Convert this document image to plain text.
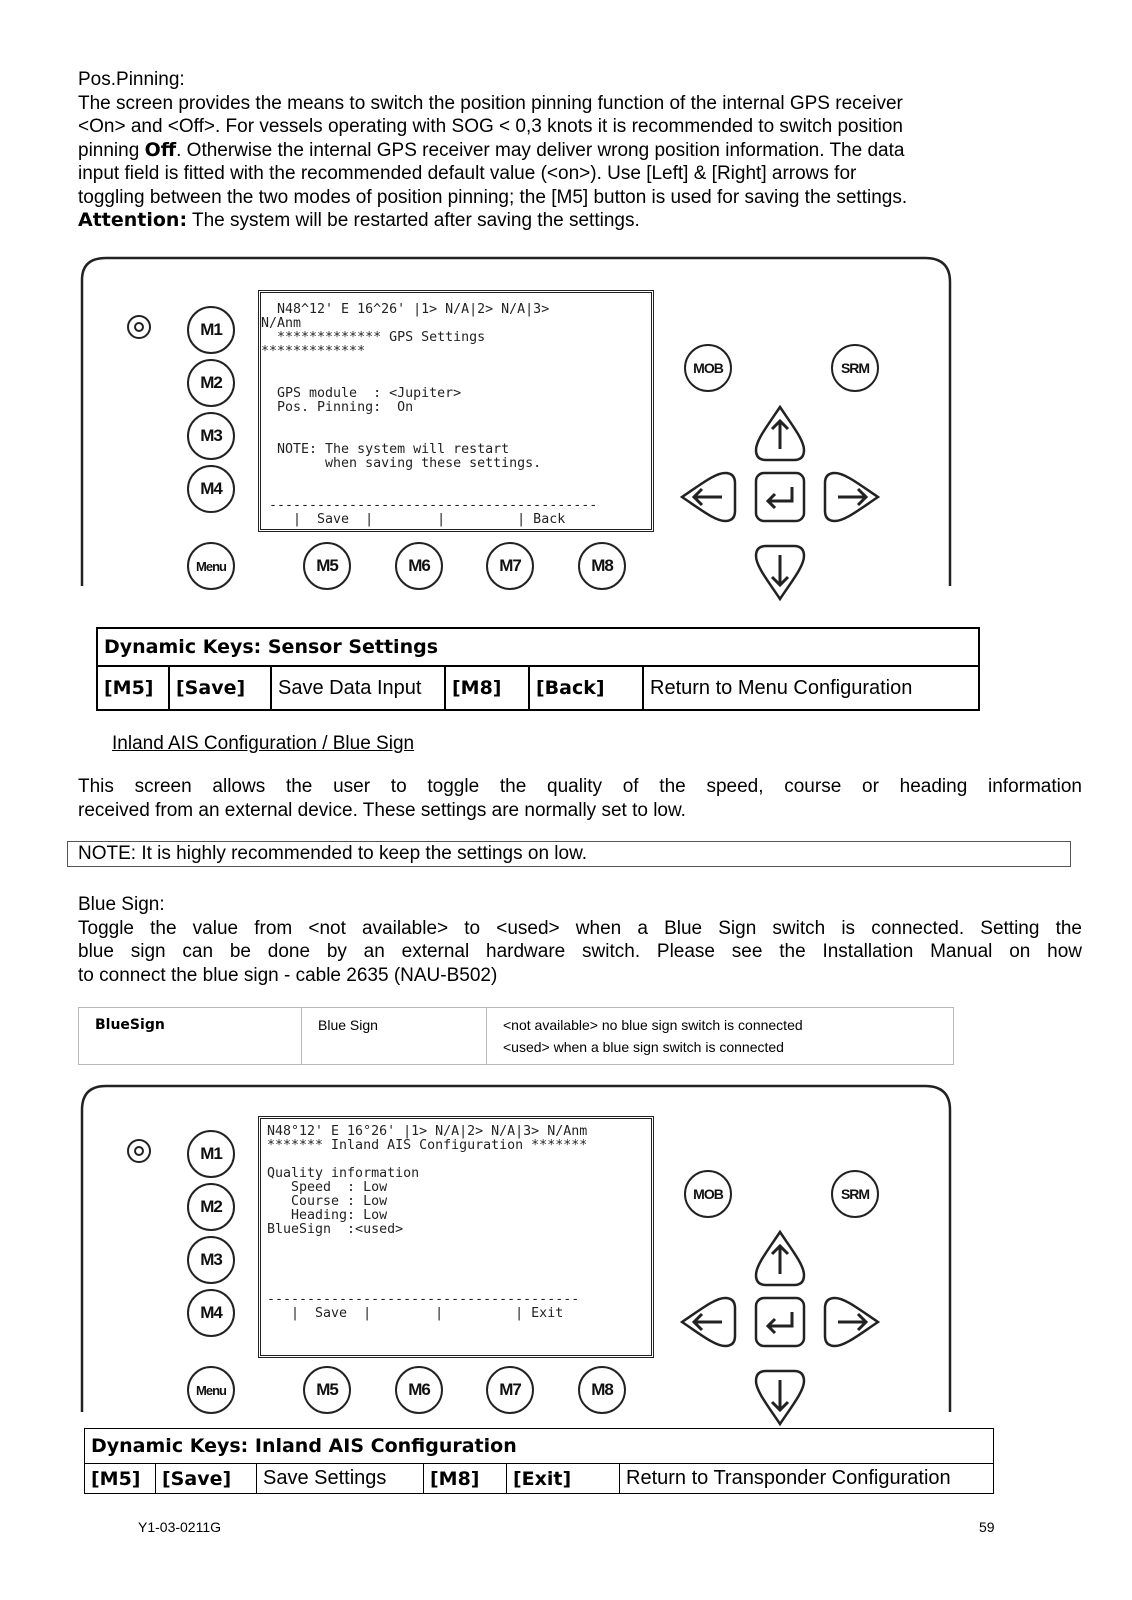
Pos.Pinning:

The screen provides the means to switch the position pinning function of the internal GPS receiver

<On> and <Off>. For vessels operating with SOG < 0,3 knots it is recommended to switch position

pinning Off. Otherwise the internal GPS receiver may deliver wrong position information. The data

input field is fitted with the recommended default value (<on>). Use [Left] & [Right] arrows for

toggling between the two modes of position pinning; the [M5] button is used for saving the settings.

Attention: The system will be restarted after saving the settings.

N48^12' E 16^26' |1> N/A|2> N/A|3>
N/Anm
************* GPS Settings
*************

GPS module  : <Jupiter>
Pos. Pinning:  On

NOTE: The system will restart
when saving these settings.

-----------------------------------------
|  Save  |        |         | Back
M1
M2
M3
M4
Menu	M5	M6	M7	M8
MOB	SRM
Dynamic Keys: Sensor Settings
[M5]	[Save]	Save Data Input	[M8]	[Back]	Return to Menu Configuration
Inland AIS Configuration / Blue Sign

This screen allows the user to toggle the quality of the speed, course or heading information

received from an external device. These settings are normally set to low.

NOTE: It is highly recommended to keep the settings on low.

Blue Sign:

Toggle the value from <not available> to <used> when a Blue Sign switch is connected. Setting the

blue sign can be done by an external hardware switch. Please see the Installation Manual on how

to connect the blue sign - cable 2635 (NAU-B502)

BlueSign	Blue Sign	<not available> no blue sign switch is connected
<used> when a blue sign switch is connected
N48°12' E 16°26' |1> N/A|2> N/A|3> N/Anm
******* Inland AIS Configuration *******

Quality information
Speed  : Low
Course : Low
Heading: Low
BlueSign  :<used>

---------------------------------------
|  Save  |        |         | Exit
M1
M2
M3
M4
Menu	M5	M6	M7	M8
MOB	SRM
Dynamic Keys: Inland AIS Configuration
[M5]	[Save]	Save Settings	[M8]	[Exit]	Return to Transponder Configuration
Y1-03-0211G	59
